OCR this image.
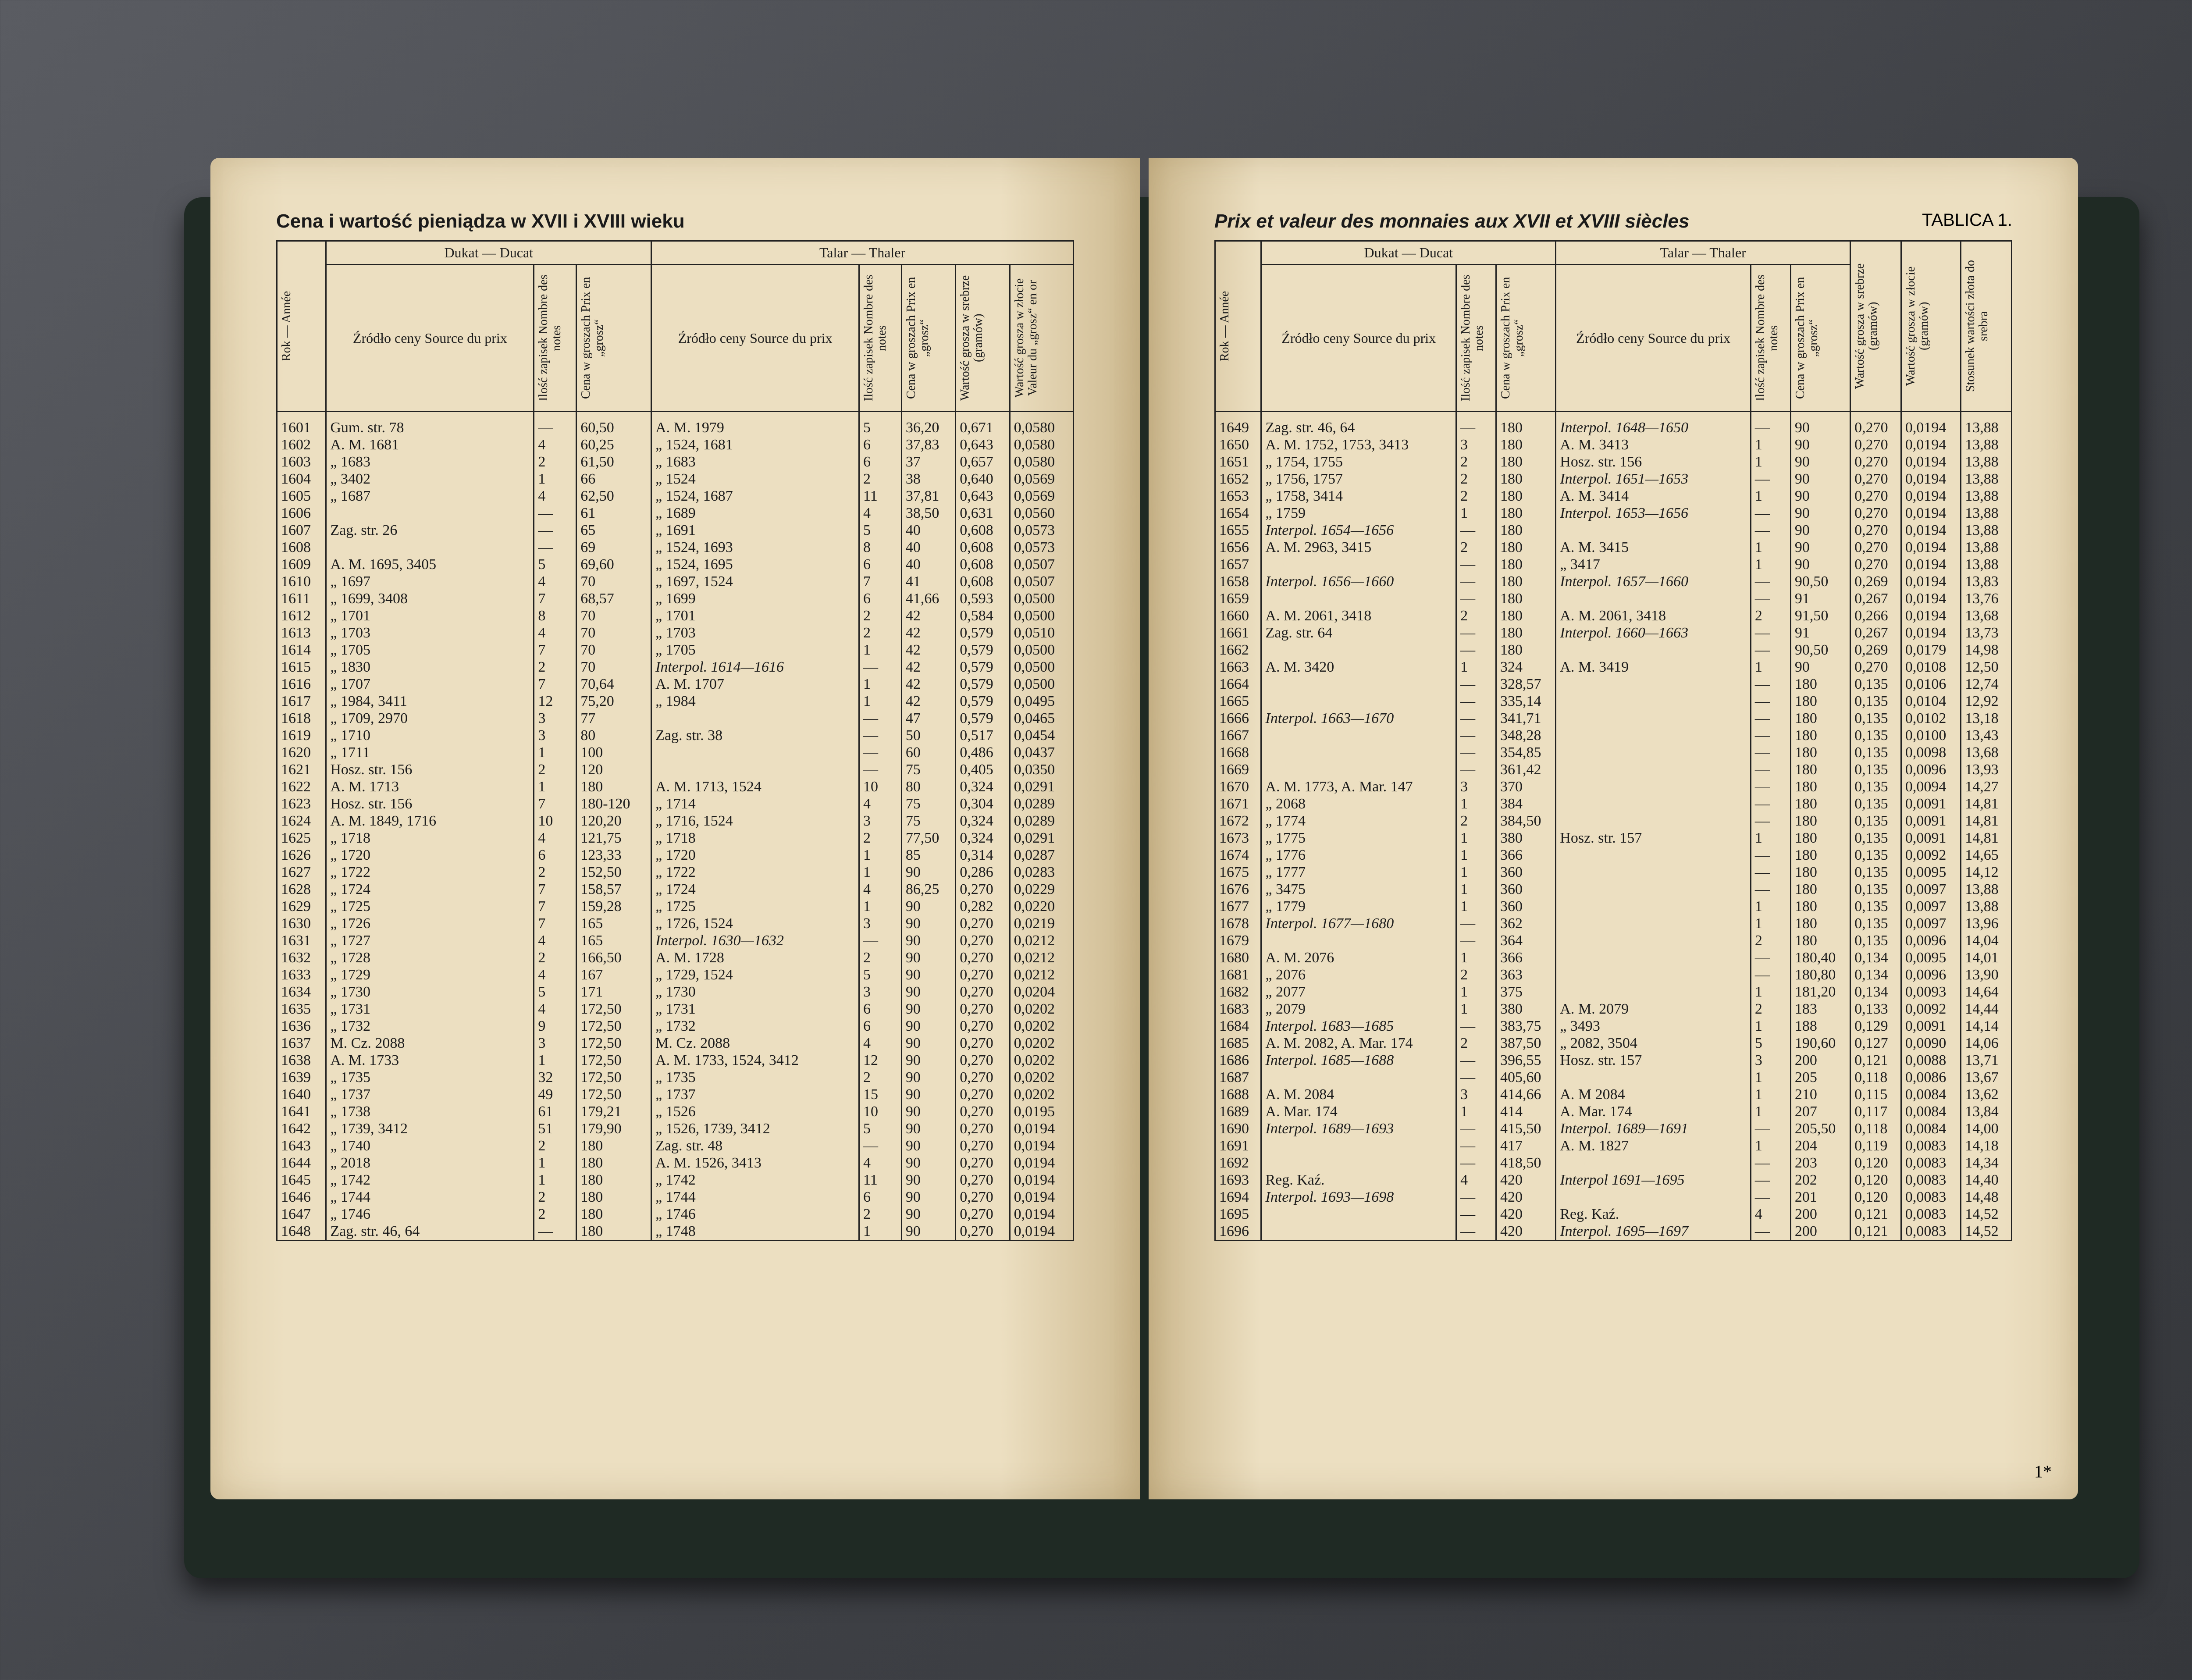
Cena i wartość pieniądza w XVII i XVIII wieku
Rok — Année	Dukat — Ducat			Talar — Thaler				
	Źródło ceny Source du prix	Ilość zapisek Nombre des notes	Cena w groszach Prix en „grosz“	Źródło ceny Source du prix	Ilość zapisek Nombre des notes	Cena w groszach Prix en „grosz“	Wartość grosza w srebrze (gramów)	Wartość grosza w złocie Valeur du „grosz“ en or

1601	Gum. str. 78	—	60,50	A. M. 1979	5	36,20	0,671	0,0580
1602	A. M. 1681	4	60,25	„ 1524, 1681	6	37,83	0,643	0,0580
1603	„ 1683	2	61,50	„ 1683	6	37	0,657	0,0580
1604	„ 3402	1	66	„ 1524	2	38	0,640	0,0569
1605	„ 1687	4	62,50	„ 1524, 1687	11	37,81	0,643	0,0569
1606		—	61	„ 1689	4	38,50	0,631	0,0560
1607	Zag. str. 26	—	65	„ 1691	5	40	0,608	0,0573
1608		—	69	„ 1524, 1693	8	40	0,608	0,0573
1609	A. M. 1695, 3405	5	69,60	„ 1524, 1695	6	40	0,608	0,0507
1610	„ 1697	4	70	„ 1697, 1524	7	41	0,608	0,0507
1611	„ 1699, 3408	7	68,57	„ 1699	6	41,66	0,593	0,0500
1612	„ 1701	8	70	„ 1701	2	42	0,584	0,0500
1613	„ 1703	4	70	„ 1703	2	42	0,579	0,0510
1614	„ 1705	7	70	„ 1705	1	42	0,579	0,0500
1615	„ 1830	2	70	Interpol. 1614—1616	—	42	0,579	0,0500
1616	„ 1707	7	70,64	A. M. 1707	1	42	0,579	0,0500
1617	„ 1984, 3411	12	75,20	„ 1984	1	42	0,579	0,0495
1618	„ 1709, 2970	3	77		—	47	0,579	0,0465
1619	„ 1710	3	80	Zag. str. 38	—	50	0,517	0,0454
1620	„ 1711	1	100		—	60	0,486	0,0437
1621	Hosz. str. 156	2	120		—	75	0,405	0,0350
1622	A. M. 1713	1	180	A. M. 1713, 1524	10	80	0,324	0,0291
1623	Hosz. str. 156	7	180-120	„ 1714	4	75	0,304	0,0289
1624	A. M. 1849, 1716	10	120,20	„ 1716, 1524	3	75	0,324	0,0289
1625	„ 1718	4	121,75	„ 1718	2	77,50	0,324	0,0291
1626	„ 1720	6	123,33	„ 1720	1	85	0,314	0,0287
1627	„ 1722	2	152,50	„ 1722	1	90	0,286	0,0283
1628	„ 1724	7	158,57	„ 1724	4	86,25	0,270	0,0229
1629	„ 1725	7	159,28	„ 1725	1	90	0,282	0,0220
1630	„ 1726	7	165	„ 1726, 1524	3	90	0,270	0,0219
1631	„ 1727	4	165	Interpol. 1630—1632	—	90	0,270	0,0212
1632	„ 1728	2	166,50	A. M. 1728	2	90	0,270	0,0212
1633	„ 1729	4	167	„ 1729, 1524	5	90	0,270	0,0212
1634	„ 1730	5	171	„ 1730	3	90	0,270	0,0204
1635	„ 1731	4	172,50	„ 1731	6	90	0,270	0,0202
1636	„ 1732	9	172,50	„ 1732	6	90	0,270	0,0202
1637	M. Cz. 2088	3	172,50	M. Cz. 2088	4	90	0,270	0,0202
1638	A. M. 1733	1	172,50	A. M. 1733, 1524, 3412	12	90	0,270	0,0202
1639	„ 1735	32	172,50	„ 1735	2	90	0,270	0,0202
1640	„ 1737	49	172,50	„ 1737	15	90	0,270	0,0202
1641	„ 1738	61	179,21	„ 1526	10	90	0,270	0,0195
1642	„ 1739, 3412	51	179,90	„ 1526, 1739, 3412	5	90	0,270	0,0194
1643	„ 1740	2	180	Zag. str. 48	—	90	0,270	0,0194
1644	„ 2018	1	180	A. M. 1526, 3413	4	90	0,270	0,0194
1645	„ 1742	1	180	„ 1742	11	90	0,270	0,0194
1646	„ 1744	2	180	„ 1744	6	90	0,270	0,0194
1647	„ 1746	2	180	„ 1746	2	90	0,270	0,0194
1648	Zag. str. 46, 64	—	180	„ 1748	1	90	0,270	0,0194
Prix et valeur des monnaies aux XVII et XVIII siècles	TABLICA 1.
Rok — Année	Dukat — Ducat			Talar — Thaler			Wartość grosza w srebrze (gramów)	Wartość grosza w złocie (gramów)	Stosunek wartości złota do srebra

	Źródło ceny Source du prix	Ilość zapisek Nombre des notes	Cena w groszach Prix en „grosz“	Źródło ceny Source du prix	Ilość zapisek Nombre des notes	Cena w groszach Prix en „grosz“			

1649	Zag. str. 46, 64	—	180	Interpol. 1648—1650	—	90	0,270	0,0194	13,88
1650	A. M. 1752, 1753, 3413	3	180	A. M. 3413	1	90	0,270	0,0194	13,88
1651	„ 1754, 1755	2	180	Hosz. str. 156	1	90	0,270	0,0194	13,88
1652	„ 1756, 1757	2	180	Interpol. 1651—1653	—	90	0,270	0,0194	13,88
1653	„ 1758, 3414	2	180	A. M. 3414	1	90	0,270	0,0194	13,88
1654	„ 1759	1	180	Interpol. 1653—1656	—	90	0,270	0,0194	13,88
1655	Interpol. 1654—1656	—	180		—	90	0,270	0,0194	13,88
1656	A. M. 2963, 3415	2	180	A. M. 3415	1	90	0,270	0,0194	13,88
1657		—	180	„ 3417	1	90	0,270	0,0194	13,88
1658	Interpol. 1656—1660	—	180	Interpol. 1657—1660	—	90,50	0,269	0,0194	13,83
1659		—	180		—	91	0,267	0,0194	13,76
1660	A. M. 2061, 3418	2	180	A. M. 2061, 3418	2	91,50	0,266	0,0194	13,68
1661	Zag. str. 64	—	180	Interpol. 1660—1663	—	91	0,267	0,0194	13,73
1662		—	180		—	90,50	0,269	0,0179	14,98
1663	A. M. 3420	1	324	A. M. 3419	1	90	0,270	0,0108	12,50
1664		—	328,57		—	180	0,135	0,0106	12,74
1665		—	335,14		—	180	0,135	0,0104	12,92
1666	Interpol. 1663—1670	—	341,71		—	180	0,135	0,0102	13,18
1667		—	348,28		—	180	0,135	0,0100	13,43
1668		—	354,85		—	180	0,135	0,0098	13,68
1669		—	361,42		—	180	0,135	0,0096	13,93
1670	A. M. 1773, A. Mar. 147	3	370		—	180	0,135	0,0094	14,27
1671	„ 2068	1	384		—	180	0,135	0,0091	14,81
1672	„ 1774	2	384,50		—	180	0,135	0,0091	14,81
1673	„ 1775	1	380	Hosz. str. 157	1	180	0,135	0,0091	14,81
1674	„ 1776	1	366		—	180	0,135	0,0092	14,65
1675	„ 1777	1	360		—	180	0,135	0,0095	14,12
1676	„ 3475	1	360		—	180	0,135	0,0097	13,88
1677	„ 1779	1	360		1	180	0,135	0,0097	13,88
1678	Interpol. 1677—1680	—	362		1	180	0,135	0,0097	13,96
1679		—	364		2	180	0,135	0,0096	14,04
1680	A. M. 2076	1	366		—	180,40	0,134	0,0095	14,01
1681	„ 2076	2	363		—	180,80	0,134	0,0096	13,90
1682	„ 2077	1	375		1	181,20	0,134	0,0093	14,64
1683	„ 2079	1	380	A. M. 2079	2	183	0,133	0,0092	14,44
1684	Interpol. 1683—1685	—	383,75	„ 3493	1	188	0,129	0,0091	14,14
1685	A. M. 2082, A. Mar. 174	2	387,50	„ 2082, 3504	5	190,60	0,127	0,0090	14,06
1686	Interpol. 1685—1688	—	396,55	Hosz. str. 157	3	200	0,121	0,0088	13,71
1687		—	405,60		1	205	0,118	0,0086	13,67
1688	A. M. 2084	3	414,66	A. M 2084	1	210	0,115	0,0084	13,62
1689	A. Mar. 174	1	414	A. Mar. 174	1	207	0,117	0,0084	13,84
1690	Interpol. 1689—1693	—	415,50	Interpol. 1689—1691	—	205,50	0,118	0,0084	14,00
1691		—	417	A. M. 1827	1	204	0,119	0,0083	14,18
1692		—	418,50		—	203	0,120	0,0083	14,34
1693	Reg. Kaź.	4	420	Interpol 1691—1695	—	202	0,120	0,0083	14,40
1694	Interpol. 1693—1698	—	420		—	201	0,120	0,0083	14,48
1695		—	420	Reg. Kaź.	4	200	0,121	0,0083	14,52
1696		—	420	Interpol. 1695—1697	—	200	0,121	0,0083	14,52
1*
